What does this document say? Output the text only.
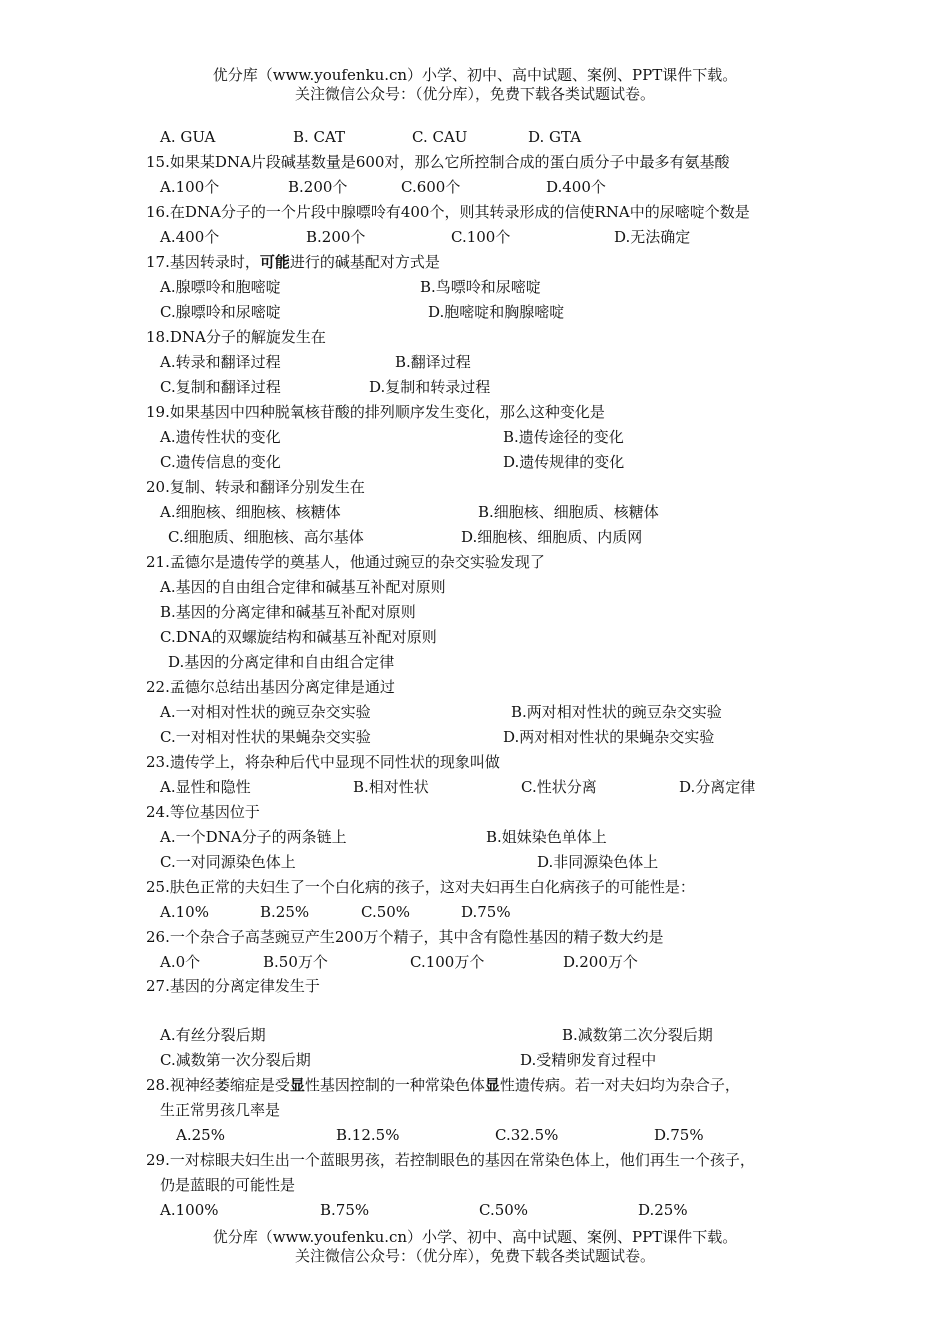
优分库（www.youfenku.cn）小学、初中、高中试题、案例、PPT课件下载。
关注微信公众号：（优分库），免费下载各类试题试卷。
A. GUA	B. CAT	C. CAU	D. GTA
15.如果某DNA片段碱基数量是600对，那么它所控制合成的蛋白质分子中最多有氨基酸
A.100个	B.200个	C.600个	D.400个
16.在DNA分子的一个片段中腺嘌呤有400个，则其转录形成的信使RNA中的尿嘧啶个数是
A.400个	B.200个	C.100个	D.无法确定
17.基因转录时，可能进行的碱基配对方式是
A.腺嘌呤和胞嘧啶	B.鸟嘌呤和尿嘧啶
C.腺嘌呤和尿嘧啶	D.胞嘧啶和胸腺嘧啶
18.DNA分子的解旋发生在
A.转录和翻译过程	B.翻译过程
C.复制和翻译过程	D.复制和转录过程
19.如果基因中四种脱氧核苷酸的排列顺序发生变化，那么这种变化是
A.遗传性状的变化	B.遗传途径的变化
C.遗传信息的变化	D.遗传规律的变化
20.复制、转录和翻译分别发生在
A.细胞核、细胞核、核糖体	B.细胞核、细胞质、核糖体
C.细胞质、细胞核、高尔基体	D.细胞核、细胞质、内质网
21.孟德尔是遗传学的奠基人，他通过豌豆的杂交实验发现了
A.基因的自由组合定律和碱基互补配对原则
B.基因的分离定律和碱基互补配对原则
C.DNA的双螺旋结构和碱基互补配对原则
D.基因的分离定律和自由组合定律
22.孟德尔总结出基因分离定律是通过
A.一对相对性状的豌豆杂交实验	B.两对相对性状的豌豆杂交实验
C.一对相对性状的果蝇杂交实验	D.两对相对性状的果蝇杂交实验
23.遗传学上，将杂种后代中显现不同性状的现象叫做
A.显性和隐性	B.相对性状	C.性状分离	D.分离定律
24.等位基因位于
A.一个DNA分子的两条链上	B.姐妹染色单体上
C.一对同源染色体上	D.非同源染色体上
25.肤色正常的夫妇生了一个白化病的孩子，这对夫妇再生白化病孩子的可能性是：
A.10%	B.25%	C.50%	D.75%
26.一个杂合子高茎豌豆产生200万个精子，其中含有隐性基因的精子数大约是
A.0个	B.50万个	C.100万个	D.200万个
27.基因的分离定律发生于
A.有丝分裂后期	B.减数第二次分裂后期
C.减数第一次分裂后期	D.受精卵发育过程中
28.视神经萎缩症是受显性基因控制的一种常染色体显性遗传病。若一对夫妇均为杂合子，
生正常男孩几率是
A.25%	B.12.5%	C.32.5%	D.75%
29.一对棕眼夫妇生出一个蓝眼男孩，若控制眼色的基因在常染色体上，他们再生一个孩子，
仍是蓝眼的可能性是
A.100%	B.75%	C.50%	D.25%
优分库（www.youfenku.cn）小学、初中、高中试题、案例、PPT课件下载。
关注微信公众号：（优分库），免费下载各类试题试卷。
